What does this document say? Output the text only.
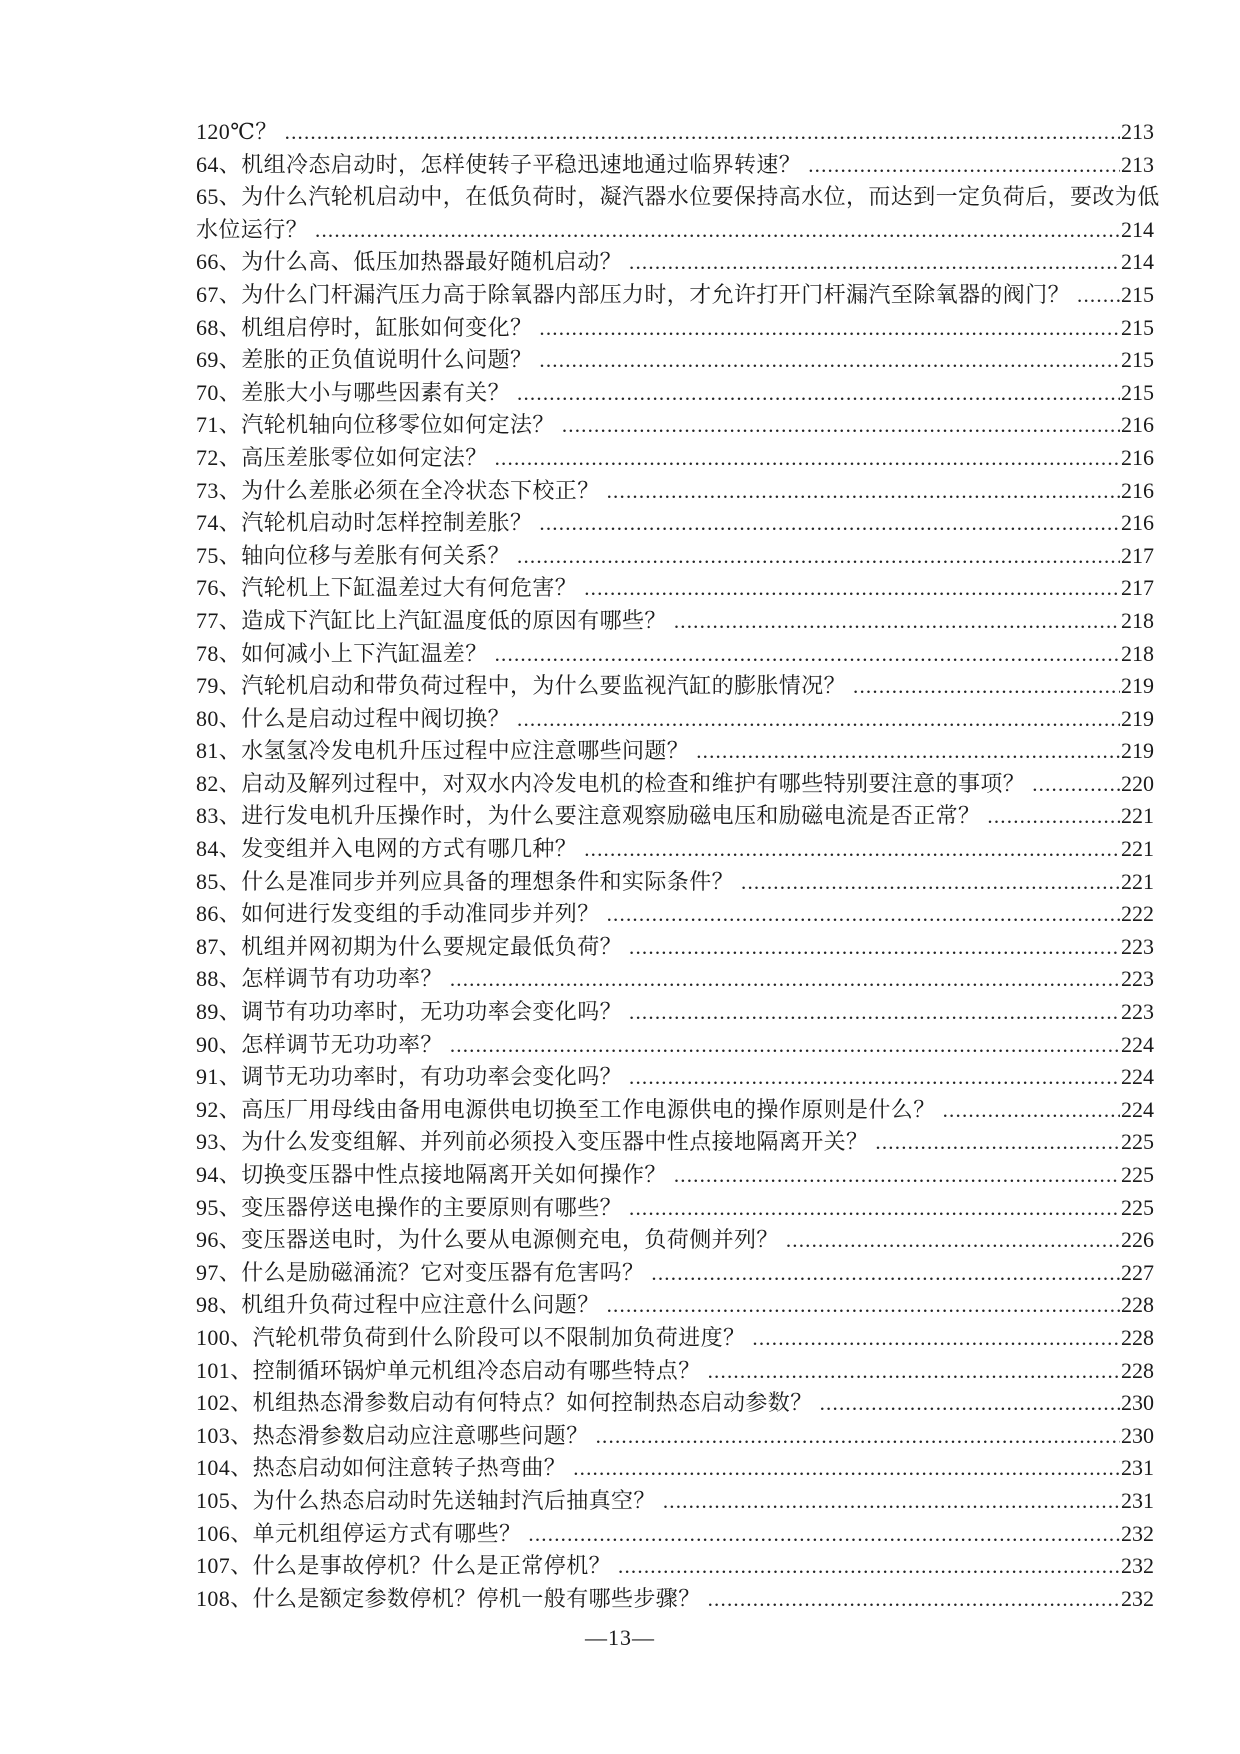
120℃？ .....	213
64、机组冷态启动时，怎样使转子平稳迅速地通过临界转速？ .....	213
65、为什么汽轮机启动中，在低负荷时，凝汽器水位要保持高水位，而达到一定负荷后，要改为低
水位运行？ .....	214
66、为什么高、低压加热器最好随机启动？ .....	214
67、为什么门杆漏汽压力高于除氧器内部压力时，才允许打开门杆漏汽至除氧器的阀门？ ..... 215
68、机组启停时，缸胀如何变化？ .....	215
69、差胀的正负值说明什么问题？ .....	215
70、差胀大小与哪些因素有关？ .....	215
71、汽轮机轴向位移零位如何定法？ .....	216
72、高压差胀零位如何定法？ .....	216
73、为什么差胀必须在全冷状态下校正？ .....	216
74、汽轮机启动时怎样控制差胀？ .....	216
75、轴向位移与差胀有何关系？ .....	217
76、汽轮机上下缸温差过大有何危害？ .....	217
77、造成下汽缸比上汽缸温度低的原因有哪些？ .....	218
78、如何减小上下汽缸温差？ .....	218
79、汽轮机启动和带负荷过程中，为什么要监视汽缸的膨胀情况？ .....	219
80、什么是启动过程中阀切换？ .....	219
81、水氢氢冷发电机升压过程中应注意哪些问题？ .....	219
82、启动及解列过程中，对双水内冷发电机的检查和维护有哪些特别要注意的事项？ .....	220
83、进行发电机升压操作时，为什么要注意观察励磁电压和励磁电流是否正常？ .....	221
84、发变组并入电网的方式有哪几种？ .....	221
85、什么是准同步并列应具备的理想条件和实际条件？ .....	221
86、如何进行发变组的手动准同步并列？ .....	222
87、机组并网初期为什么要规定最低负荷？ .....	223
88、怎样调节有功功率？ .....	223
89、调节有功功率时，无功功率会变化吗？ .....	223
90、怎样调节无功功率？ .....	224
91、调节无功功率时，有功功率会变化吗？ .....	224
92、高压厂用母线由备用电源供电切换至工作电源供电的操作原则是什么？ .....	224
93、为什么发变组解、并列前必须投入变压器中性点接地隔离开关？ .....	225
94、切换变压器中性点接地隔离开关如何操作？ .....	225
95、变压器停送电操作的主要原则有哪些？ .....	225
96、变压器送电时，为什么要从电源侧充电，负荷侧并列？ .....	226
97、什么是励磁涌流？它对变压器有危害吗？ .....	227
98、机组升负荷过程中应注意什么问题？ .....	228
100、汽轮机带负荷到什么阶段可以不限制加负荷进度？ .....	228
101、控制循环锅炉单元机组冷态启动有哪些特点？ .....	228
102、机组热态滑参数启动有何特点？如何控制热态启动参数？ .....	230
103、热态滑参数启动应注意哪些问题？ .....	230
104、热态启动如何注意转子热弯曲？ .....	231
105、为什么热态启动时先送轴封汽后抽真空？ .....	231
106、单元机组停运方式有哪些？ .....	232
107、什么是事故停机？什么是正常停机？ .....	232
108、什么是额定参数停机？停机一般有哪些步骤？ .....	232
—13—
